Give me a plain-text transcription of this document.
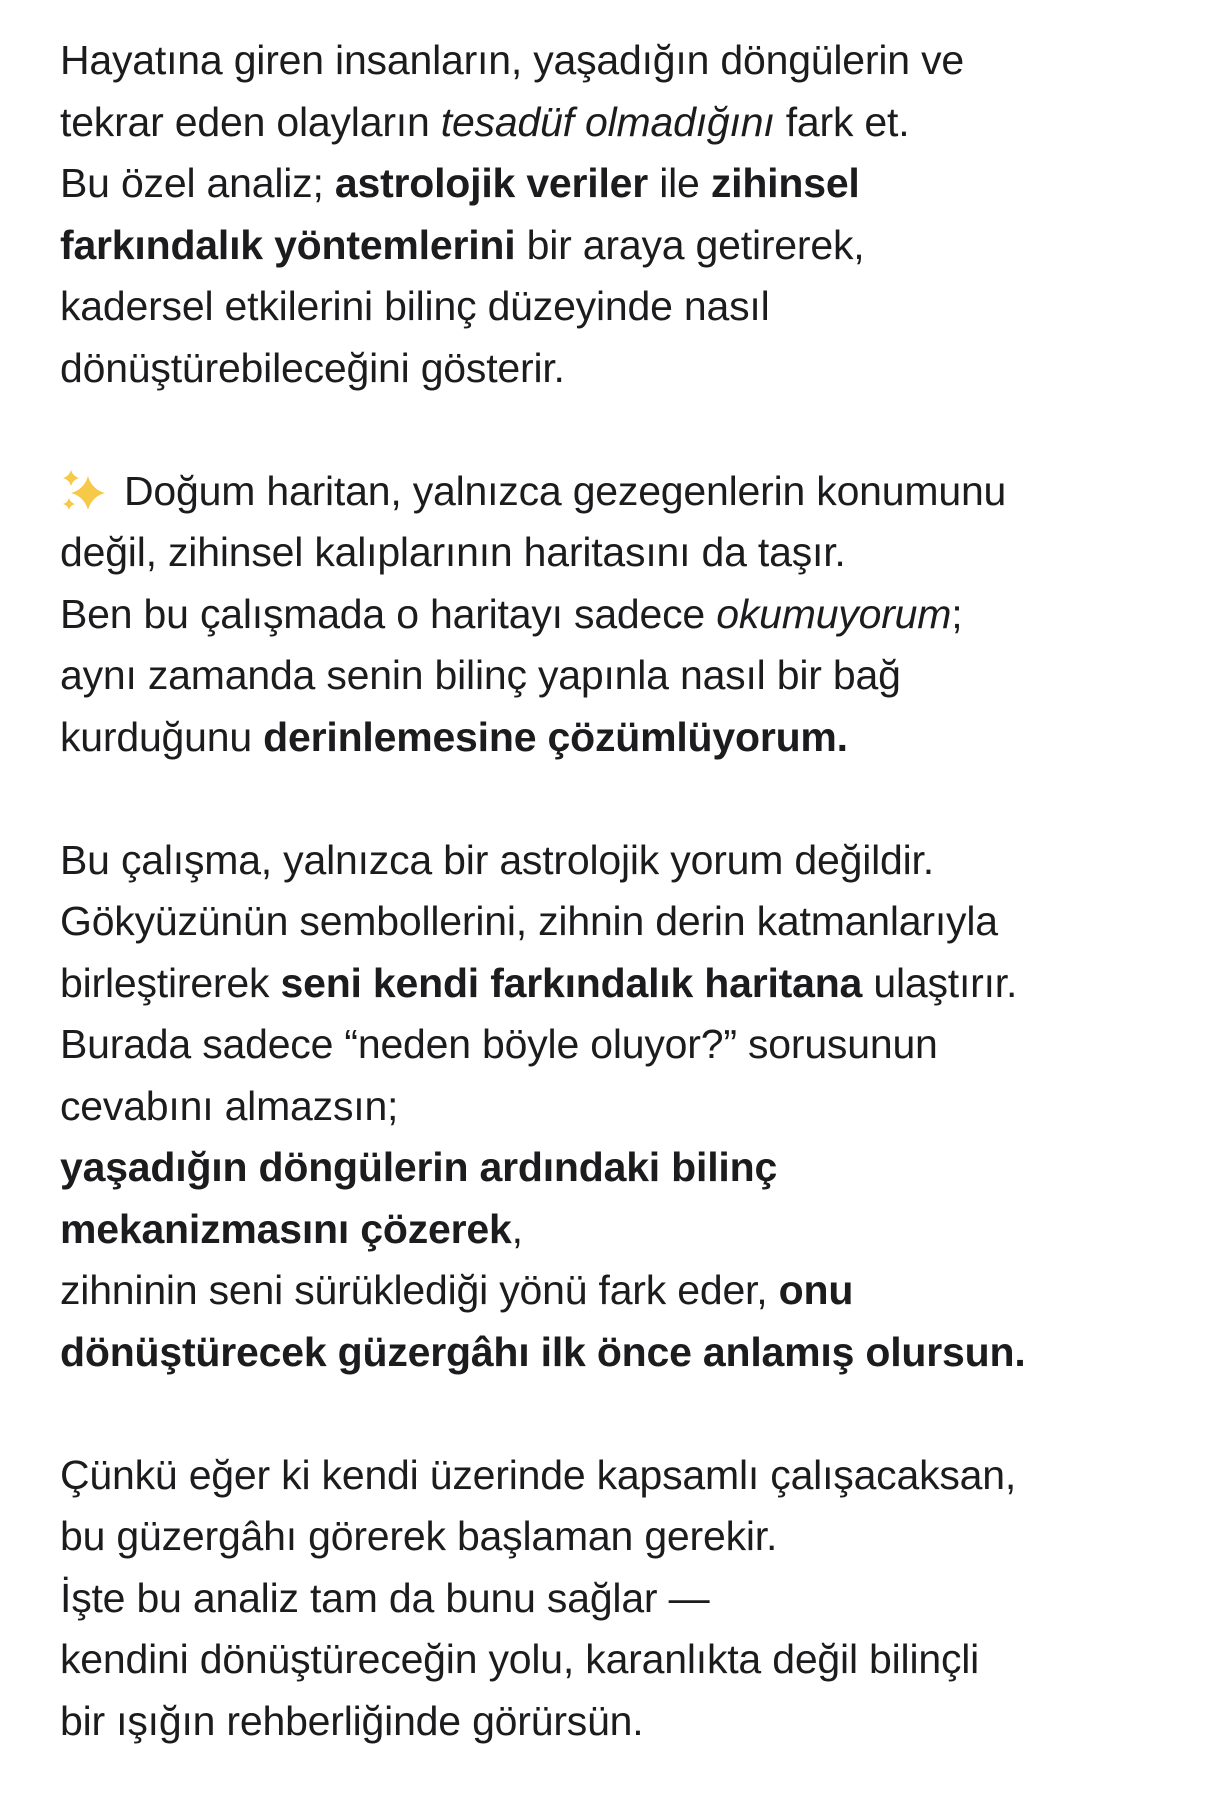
Hayatına giren insanların, yaşadığın döngülerin ve
tekrar eden olayların tesadüf olmadığını fark et.
Bu özel analiz; astrolojik veriler ile zihinsel
farkındalık yöntemlerini bir araya getirerek,
kadersel etkilerini bilinç düzeyinde nasıl
dönüştürebileceğini gösterir.
Doğum haritan, yalnızca gezegenlerin konumunu
değil, zihinsel kalıplarının haritasını da taşır.
Ben bu çalışmada o haritayı sadece okumuyorum;
aynı zamanda senin bilinç yapınla nasıl bir bağ
kurduğunu derinlemesine çözümlüyorum.
Bu çalışma, yalnızca bir astrolojik yorum değildir.
Gökyüzünün sembollerini, zihnin derin katmanlarıyla
birleştirerek seni kendi farkındalık haritana ulaştırır.
Burada sadece “neden böyle oluyor?” sorusunun
cevabını almazsın;
yaşadığın döngülerin ardındaki bilinç
mekanizmasını çözerek,
zihninin seni sürüklediği yönü fark eder, onu
dönüştürecek güzergâhı ilk önce anlamış olursun.
Çünkü eğer ki kendi üzerinde kapsamlı çalışacaksan,
bu güzergâhı görerek başlaman gerekir.
İşte bu analiz tam da bunu sağlar —
kendini dönüştüreceğin yolu, karanlıkta değil bilinçli
bir ışığın rehberliğinde görürsün.
